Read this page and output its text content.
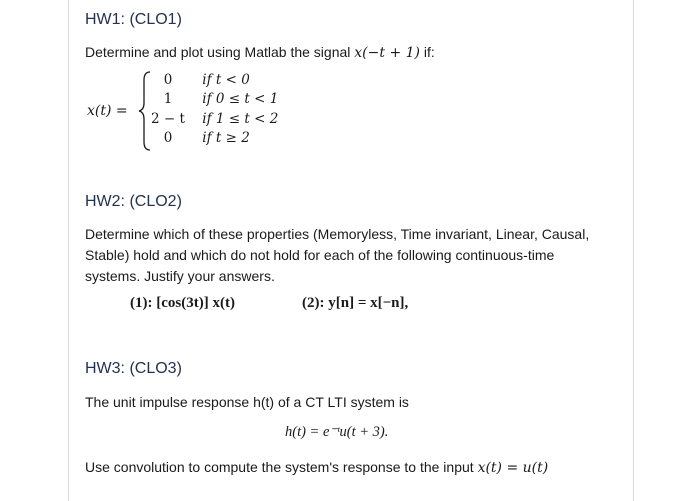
HW1: (CLO1)
Determine and plot using Matlab the signal x(−t + 1) if:
x(t) =
0 if t < 0
1 if 0 ≤ t < 1
2 − t if 1 ≤ t < 2
0 if t ≥ 2
HW2: (CLO2)
Determine which of these properties (Memoryless, Time invariant, Linear, Causal,
Stable) hold and which do not hold for each of the following continuous-time
systems. Justify your answers.
(1): [cos(3t)] x(t)	(2): y[n] = x[−n],
HW3: (CLO3)
The unit impulse response h(t) of a CT LTI system is
h(t) = e⁻ᵗu(t + 3).
Use convolution to compute the system's response to the input x(t) = u(t)
